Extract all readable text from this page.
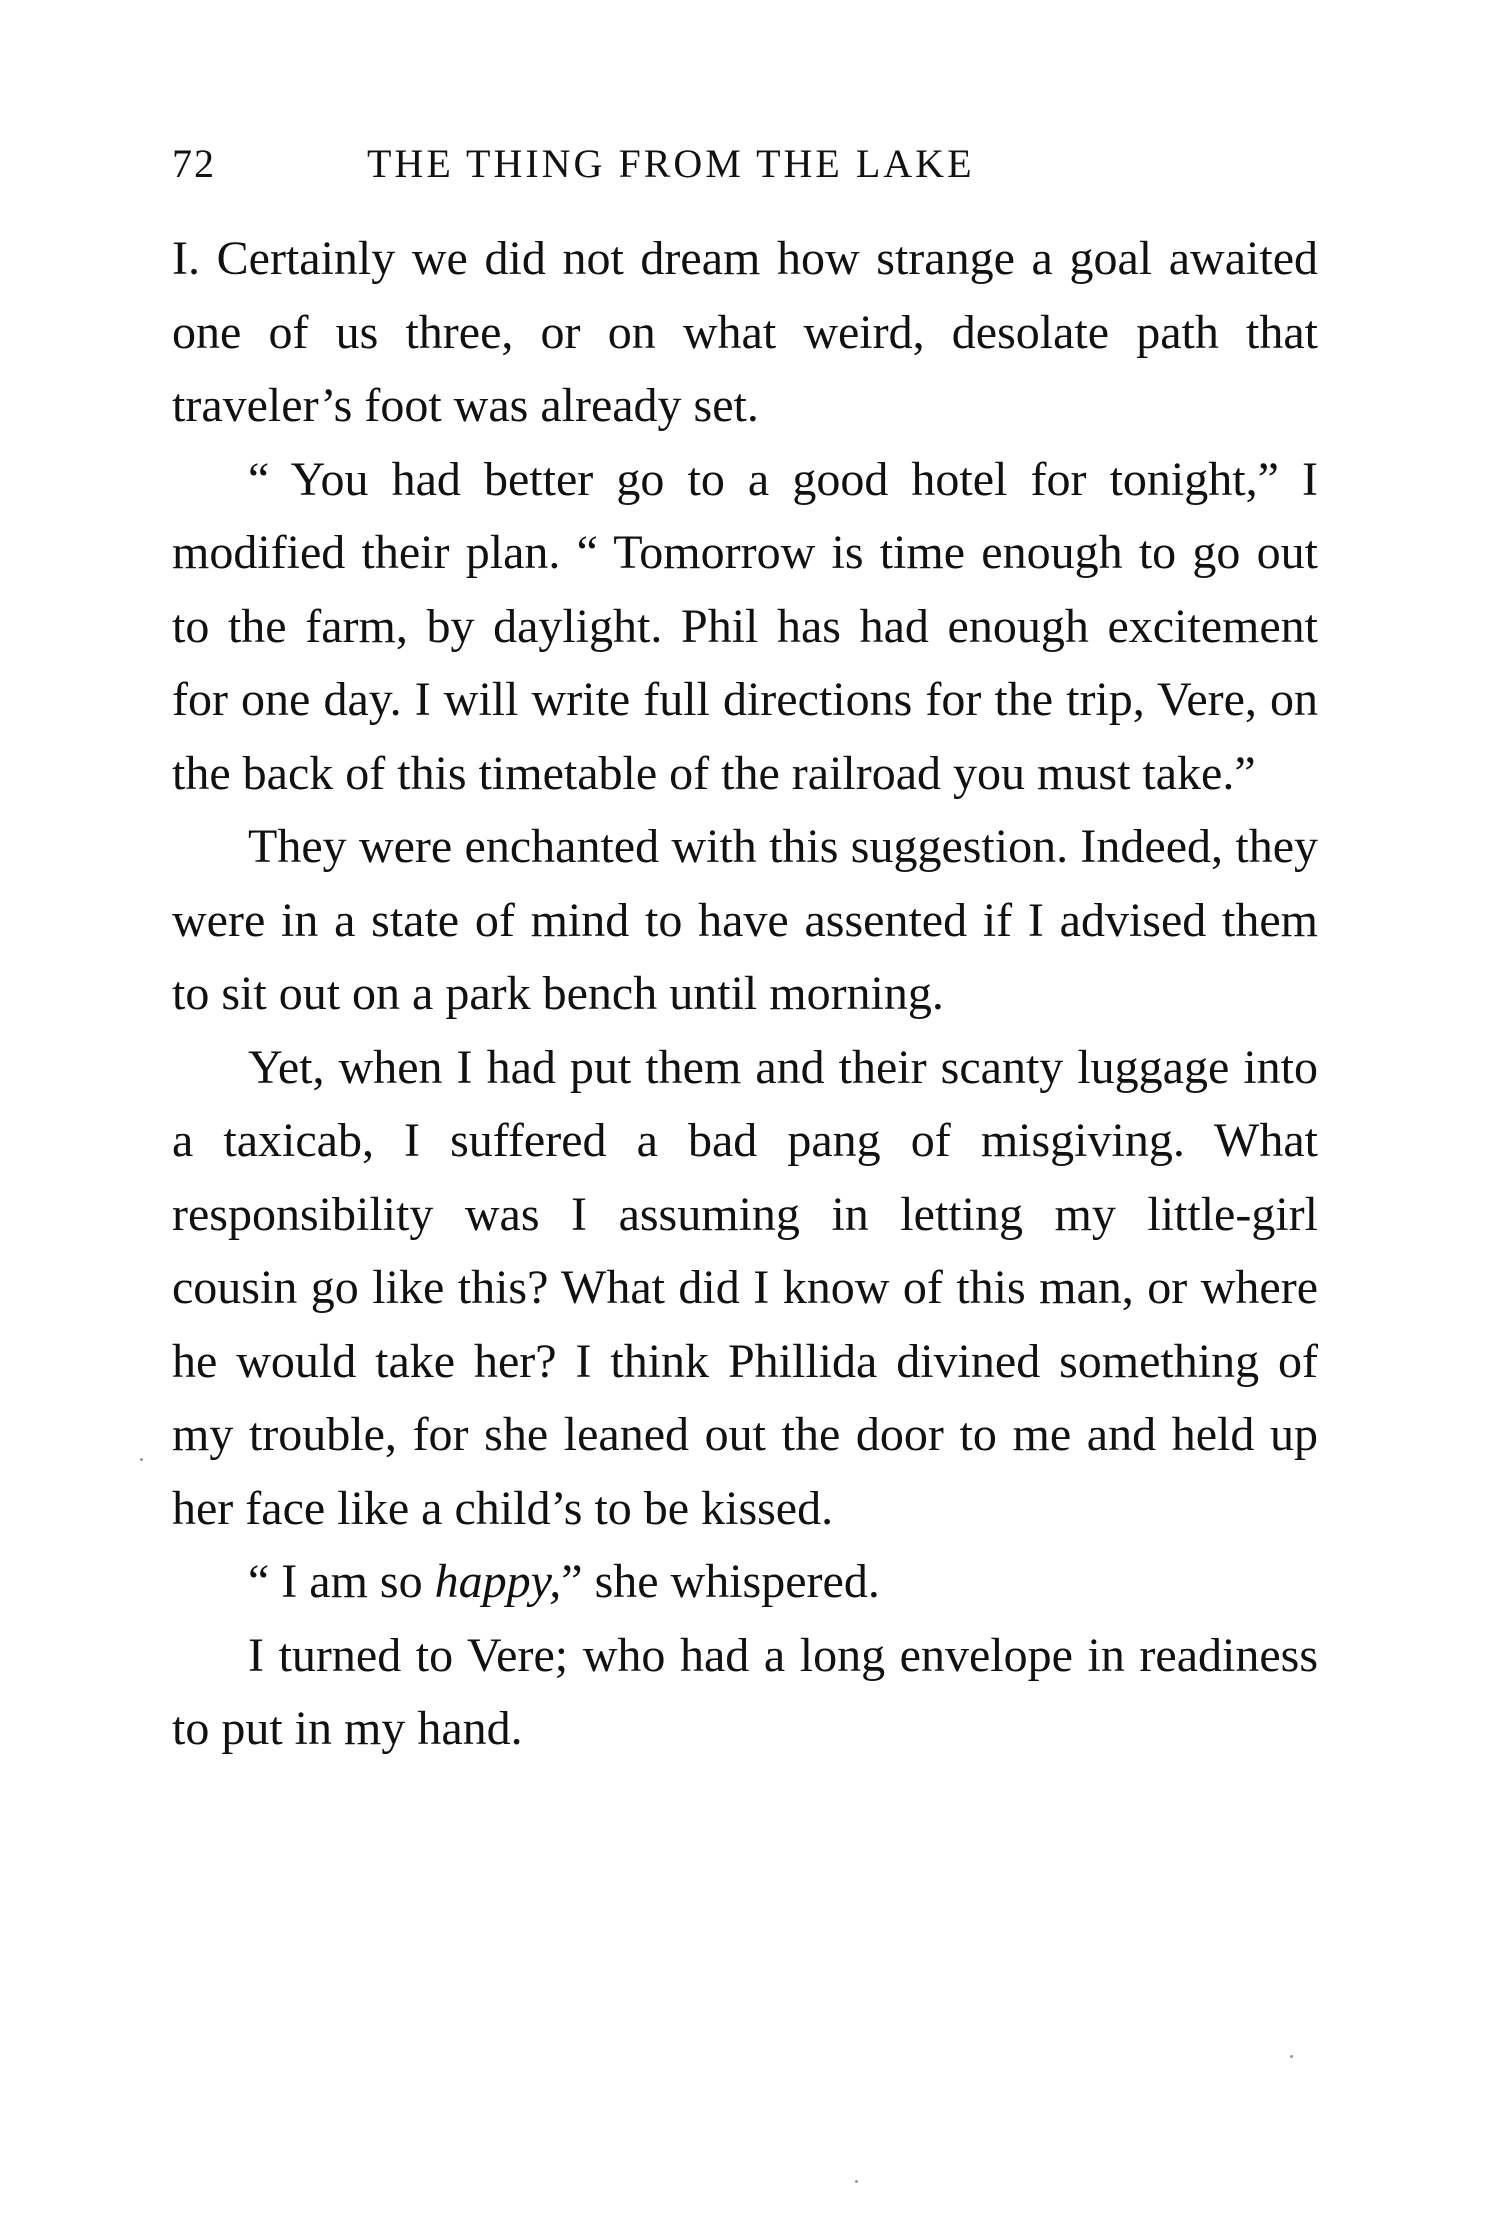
72	THE THING FROM THE LAKE

I. Certainly we did not dream how strange a goal awaited one of us three, or on what weird, desolate path that traveler’s foot was already set.

“ You had better go to a good hotel for tonight,” I modified their plan. “ Tomorrow is time enough to go out to the farm, by daylight. Phil has had enough excitement for one day. I will write full directions for the trip, Vere, on the back of this timetable of the railroad you must take.”

They were enchanted with this suggestion. Indeed, they were in a state of mind to have assented if I advised them to sit out on a park bench until morning.

Yet, when I had put them and their scanty luggage into a taxicab, I suffered a bad pang of misgiving. What responsibility was I assuming in letting my little-girl cousin go like this? What did I know of this man, or where he would take her? I think Phillida divined something of my trouble, for she leaned out the door to me and held up her face like a child’s to be kissed.

“ I am so happy,” she whispered.

I turned to Vere; who had a long envelope in readiness to put in my hand.
